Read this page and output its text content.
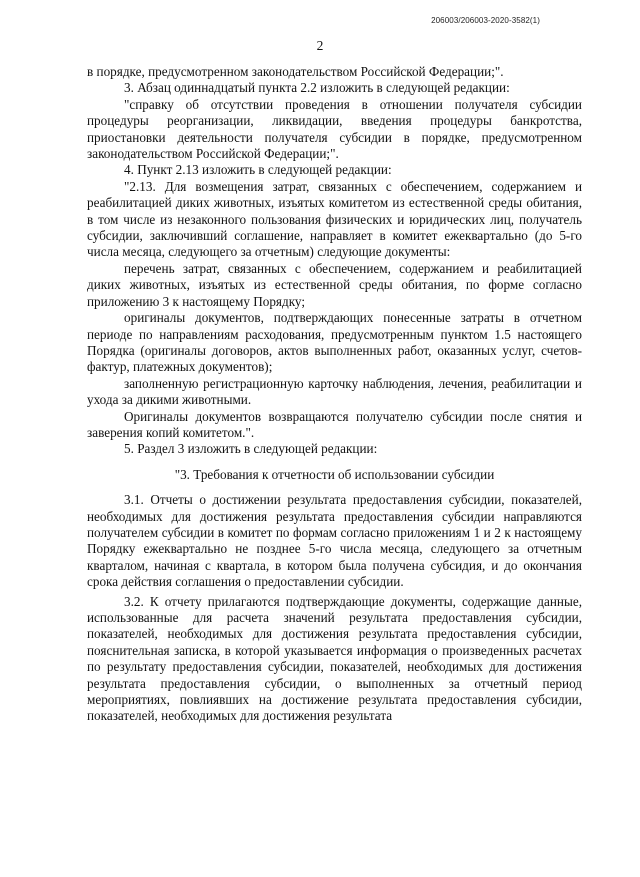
206003/206003-2020-3582(1)
2

в порядке, предусмотренном законодательством Российской Федерации;".

3. Абзац одиннадцатый пункта 2.2 изложить в следующей редакции:

"справку об отсутствии проведения в отношении получателя субсидии процедуры реорганизации, ликвидации, введения процедуры банкротства, приостановки деятельности получателя субсидии в порядке, предусмотренном законодательством Российской Федерации;".

4. Пункт 2.13 изложить в следующей редакции:

"2.13. Для возмещения затрат, связанных с обеспечением, содержанием и реабилитацией диких животных, изъятых комитетом из естественной среды обитания, в том числе из незаконного пользования физических и юридических лиц, получатель субсидии, заключивший соглашение, направляет в комитет ежеквартально (до 5-го числа месяца, следующего за отчетным) следующие документы:

перечень затрат, связанных с обеспечением, содержанием и реабилитацией диких животных, изъятых из естественной среды обитания, по форме согласно приложению 3 к настоящему Порядку;

оригиналы документов, подтверждающих понесенные затраты в отчетном периоде по направлениям расходования, предусмотренным пунктом 1.5 настоящего Порядка (оригиналы договоров, актов выполненных работ, оказанных услуг, счетов-фактур, платежных документов);

заполненную регистрационную карточку наблюдения, лечения, реабилитации и ухода за дикими животными.

Оригиналы документов возвращаются получателю субсидии после снятия и заверения копий комитетом.".

5. Раздел 3 изложить в следующей редакции:

"3. Требования к отчетности об использовании субсидии

3.1. Отчеты о достижении результата предоставления субсидии, показателей, необходимых для достижения результата предоставления субсидии направляются получателем субсидии в комитет по формам согласно приложениям 1 и 2 к настоящему Порядку ежеквартально не позднее 5-го числа месяца, следующего за отчетным кварталом, начиная с квартала, в котором была получена субсидия, и до окончания срока действия соглашения о предоставлении субсидии.

3.2. К отчету прилагаются подтверждающие документы, содержащие данные, использованные для расчета значений результата предоставления субсидии, показателей, необходимых для достижения результата предоставления субсидии, пояснительная записка, в которой указывается информация о произведенных расчетах по результату предоставления субсидии, показателей, необходимых для достижения результата предоставления субсидии, о выполненных за отчетный период мероприятиях, повлиявших на достижение результата предоставления субсидии, показателей, необходимых для достижения результата
